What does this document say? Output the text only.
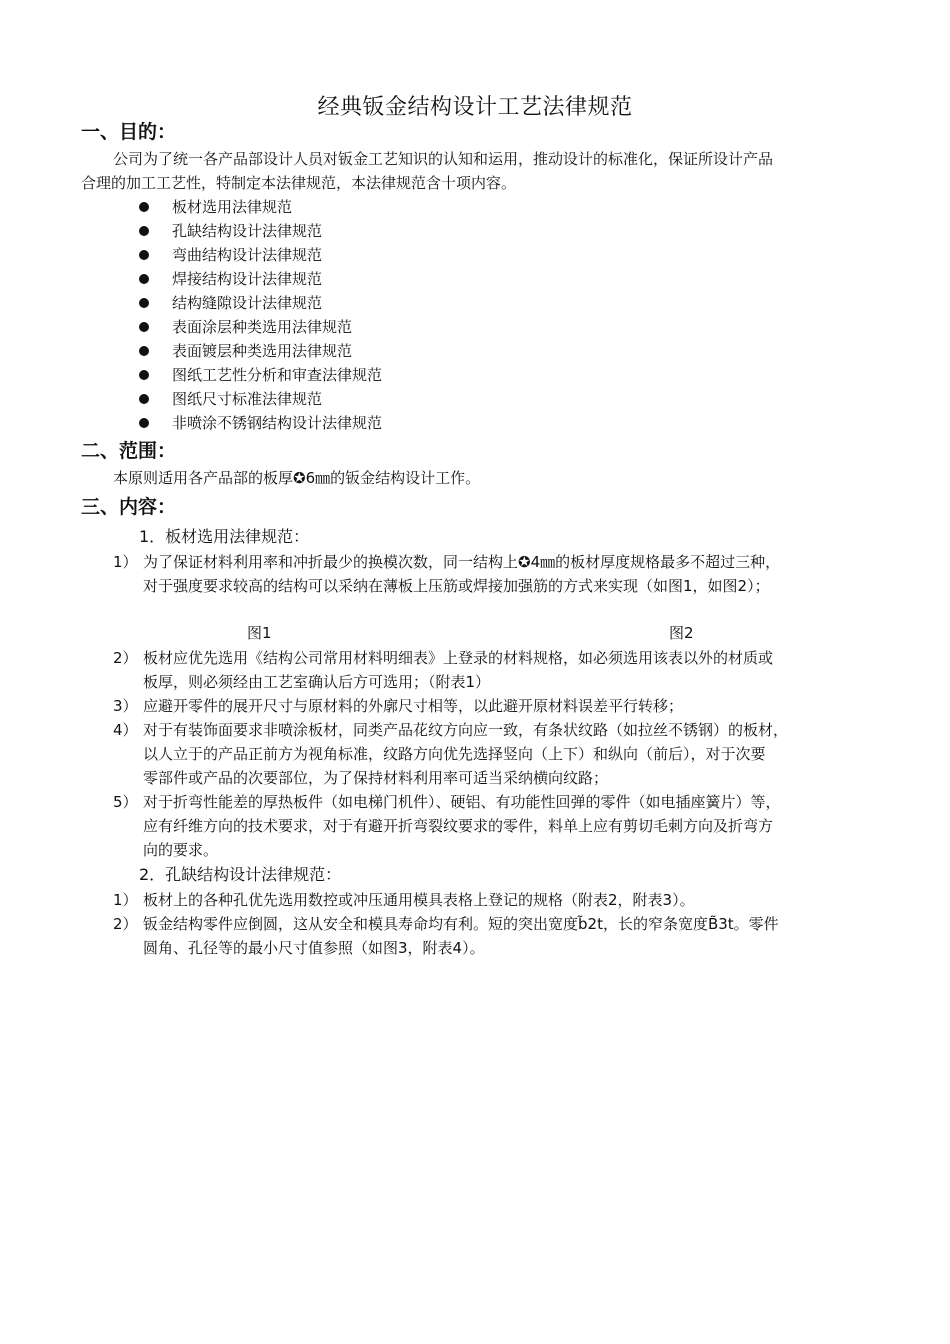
经典钣金结构设计工艺法律规范
一、目的：
公司为了统一各产品部设计人员对钣金工艺知识的认知和运用，推动设计的标准化，保证所设计产品
合理的加工工艺性，特制定本法律规范，本法律规范含十项内容。
板材选用法律规范
孔缺结构设计法律规范
弯曲结构设计法律规范
焊接结构设计法律规范
结构缝隙设计法律规范
表面涂层种类选用法律规范
表面镀层种类选用法律规范
图纸工艺性分析和审查法律规范
图纸尺寸标准法律规范
非喷涂不锈钢结构设计法律规范
二、范围：
本原则适用各产品部的板厚✪6㎜的钣金结构设计工作。
三、内容：
1．板材选用法律规范：
1） 为了保证材料利用率和冲折最少的换模次数，同一结构上✪4㎜的板材厚度规格最多不超过三种，
对于强度要求较高的结构可以采纳在薄板上压筋或焊接加强筋的方式来实现（如图1，如图2）；
图1	图2
2） 板材应优先选用《结构公司常用材料明细表》上登录的材料规格，如必须选用该表以外的材质或
板厚，则必须经由工艺室确认后方可选用；（附表1）
3） 应避开零件的展开尺寸与原材料的外廓尺寸相等，以此避开原材料误差平行转移；
4） 对于有装饰面要求非喷涂板材，同类产品花纹方向应一致，有条状纹路（如拉丝不锈钢）的板材，
以人立于的产品正前方为视角标准，纹路方向优先选择竖向（上下）和纵向（前后），对于次要
零部件或产品的次要部位，为了保持材料利用率可适当采纳横向纹路；
5） 对于折弯性能差的厚热板件（如电梯门机件）、硬铝、有功能性回弹的零件（如电插座簧片）等，
应有纤维方向的技术要求，对于有避开折弯裂纹要求的零件，料单上应有剪切毛刺方向及折弯方
向的要求。
2．孔缺结构设计法律规范：
1） 板材上的各种孔优先选用数控或冲压通用模具表格上登记的规格（附表2，附表3）。
2） 钣金结构零件应倒圆，这从安全和模具寿命均有利。短的突出宽度b̃2t，长的窄条宽度B̃3t。零件
圆角、孔径等的最小尺寸值参照（如图3，附表4）。
